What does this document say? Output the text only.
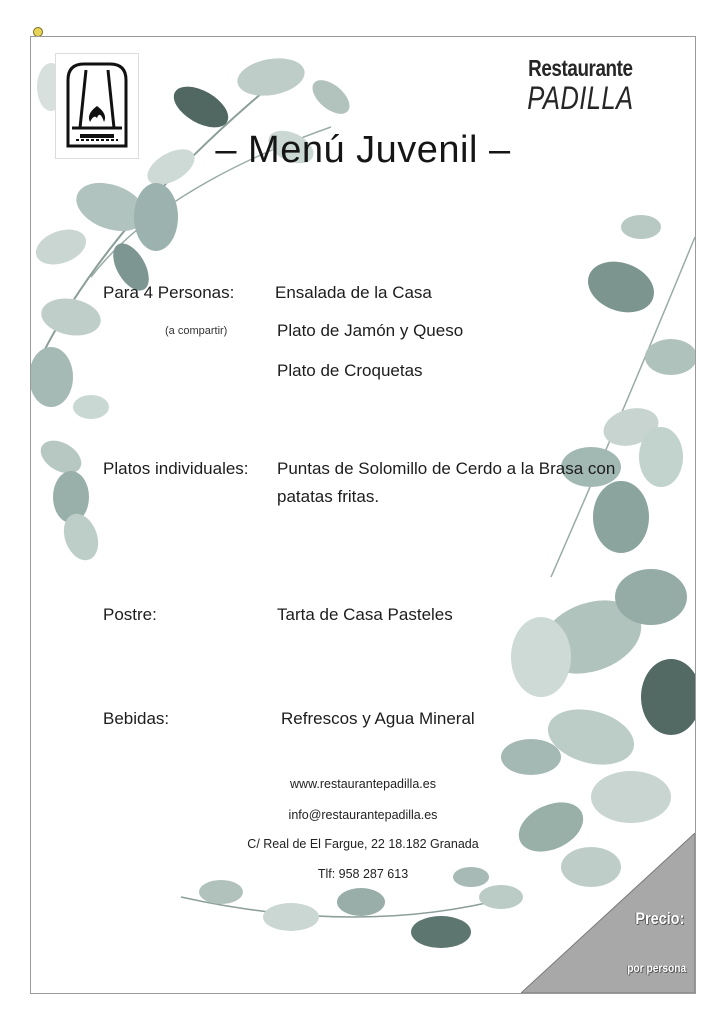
Restaurante
PADILLA
– Menú Juvenil –
Para 4 Personas:
(a compartir)
Ensalada de la Casa
Plato de Jamón y Queso
Plato de Croquetas
Platos individuales: Puntas de Solomillo de Cerdo a la Brasa con
patatas fritas.
Postre:	Tarta de Casa Pasteles
Bebidas:	Refrescos y Agua Mineral
www.restaurantepadilla.es
info@restaurantepadilla.es
C/ Real de El Fargue, 22 18.182 Granada
Tlf: 958 287 613
Precio:
por persona
